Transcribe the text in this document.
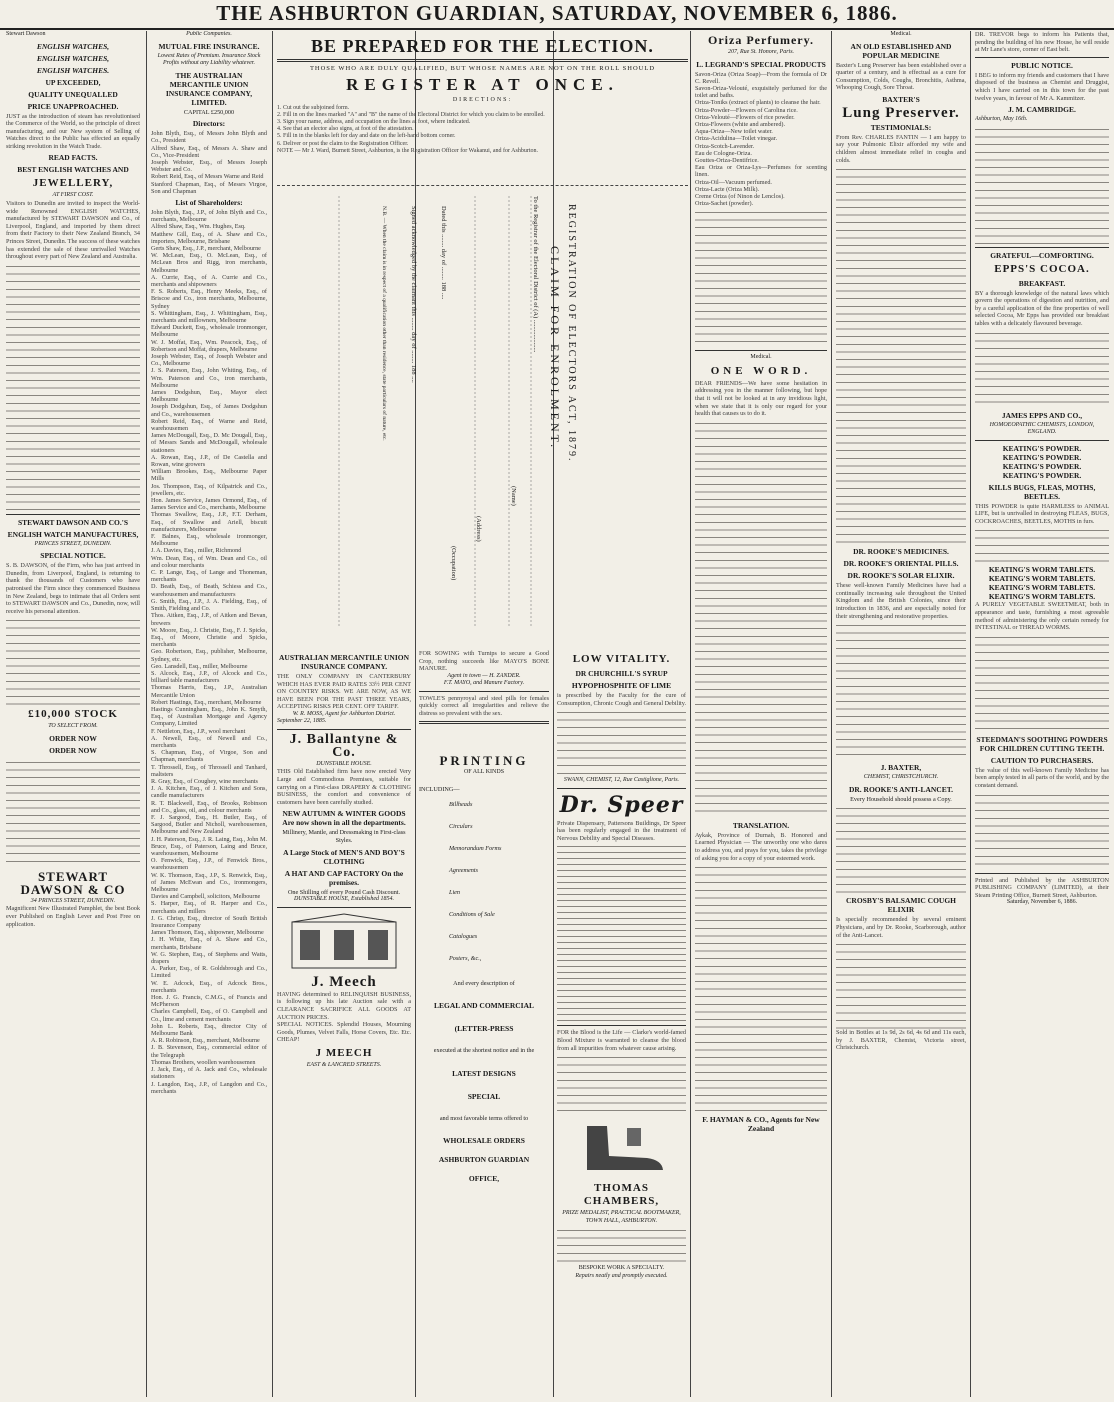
THE ASHBURTON GUARDIAN, SATURDAY, NOVEMBER 6, 1886.
Stewart Dawson
ENGLISH WATCHES,
ENGLISH WATCHES,
ENGLISH WATCHES.
UP EXCEEDED,
QUALITY UNEQUALLED
PRICE UNAPPROACHED.
JUST as the introduction of steam has revolutionised the Commerce of the World, so the principle of direct manufacturing, and our New system of Selling of Watches direct to the Public has effected an equally striking revolution in the Watch Trade.
READ FACTS.
BEST ENGLISH WATCHES AND
JEWELLERY,
AT FIRST COST.
Visitors to Dunedin are invited to inspect the World-wide Renowned ENGLISH WATCHES, manufactured by STEWART DAWSON and Co., of Liverpool, England, and imported by them direct from their Factory to their New Zealand Branch, 34 Princes Street, Dunedin. The success of these watches has extended the sale of these unrivalled Watches throughout every part of New Zealand and Australia.
STEWART DAWSON AND CO.'S
ENGLISH WATCH MANUFACTURES,
PRINCES STREET, DUNEDIN.
SPECIAL NOTICE.
S. B. DAWSON, of the Firm, who has just arrived in Dunedin, from Liverpool, England, is returning to thank the thousands of Customers who have patronised the Firm since they commenced Business in New Zealand, begs to intimate that all Orders sent to STEWART DAWSON and Co., Dunedin, now, will receive his personal attention.
£10,000 STOCK
TO SELECT FROM.
ORDER NOW
ORDER NOW
STEWART DAWSON & CO
34 PRINCES STREET, DUNEDIN.
Magnificent New Illustrated Pamphlet, the best Book ever Published on English Lever and Post Free on application.
Public Companies.
MUTUAL FIRE INSURANCE.
Lowest Rates of Premium. Insurance Stock Profits without any Liability whatever.
THE AUSTRALIAN MERCANTILE UNION INSURANCE COMPANY, LIMITED.
CAPITAL £250,000
Directors:
John Blyth, Esq., of Messrs John Blyth and Co., President
Alfred Shaw, Esq., of Messrs A. Shaw and Co., Vice-President
Joseph Webster, Esq., of Messrs Joseph Webster and Co.
Robert Reid, Esq., of Messrs Warne and Reid
Stanford Chapman, Esq., of Messrs Virgoe, Son and Chapman
List of Shareholders:
John Blyth, Esq., J.P., of John Blyth and Co., merchants, Melbourne
Alfred Shaw, Esq., Wm. Hughes, Esq.
Matthew Gill, Esq., of A. Shaw and Co., importers, Melbourne, Brisbane
Gerts Shaw, Esq., J.P., merchant, Melbourne
W. McLean, Esq., O. McLean, Esq., of McLean Bros and Rigg, iron merchants, Melbourne
A. Currie, Esq., of A. Currie and Co., merchants and shipowners
F. S. Roberts, Esq., Henry Meeks, Esq., of Briscoe and Co., iron merchants, Melbourne, Sydney
S. Whittingham, Esq., J. Whittingham, Esq., merchants and millowners, Melbourne
Edward Duckett, Esq., wholesale ironmonger, Melbourne
W. J. Moffat, Esq., Wm. Peacock, Esq., of Robertson and Moffat, drapers, Melbourne
Joseph Webster, Esq., of Joseph Webster and Co., Melbourne
J. S. Paterson, Esq., John Whiting, Esq., of Wm. Paterson and Co., iron merchants, Melbourne
James Dodgshun, Esq., Mayor elect Melbourne
Joseph Dodgshun, Esq., of James Dodgshun and Co., warehousemen
Robert Reid, Esq., of Warne and Reid, warehousemen
James McDougall, Esq., D. Mc Dougall, Esq., of Messrs Sands and McDougall, wholesale stationers
A. Rowan, Esq., J.P., of De Castella and Rowan, wine growers
William Brookes, Esq., Melbourne Paper Mills
Jos. Thompson, Esq., of Kilpatrick and Co., jewellers, etc.
Hon. James Service, James Ormond, Esq., of James Service and Co., merchants, Melbourne
Thomas Swallow, Esq., J.P., F.T. Derham, Esq., of Swallow and Ariell, biscuit manufacturers, Melbourne
F. Balnes, Esq., wholesale ironmonger, Melbourne
J. A. Davies, Esq., miller, Richmond
Wm. Dean, Esq., of Wm. Dean and Co., oil and colour merchants
C. P. Lange, Esq., of Lange and Thoneman, merchants
D. Beath, Esq., of Beath, Schiess and Co., warehousemen and manufacturers
G. Smith, Esq., J.P., J. A. Fielding, Esq., of Smith, Fielding and Co.
Thos. Aitken, Esq., J.P., of Aitken and Bevan, brewers
W. Moore, Esq., J. Christie, Esq., F. J. Spicks, Esq., of Moore, Christie and Spicks, merchants
Geo. Robertson, Esq., publisher, Melbourne, Sydney, etc.
Geo. Lansdell, Esq., miller, Melbourne
S. Alcock, Esq., J.P., of Alcock and Co., billiard table manufacturers
Thomas Harris, Esq., J.P., Australian Mercantile Union
Robert Hastings, Esq., merchant, Melbourne
Hastings Cunningham, Esq., John K. Smyth, Esq., of Australian Mortgage and Agency Company, Limited
F. Nettleton, Esq., J.P., wool merchant
A. Newell, Esq., of Newell and Co., merchants
S. Chapman, Esq., of Virgoe, Son and Chapman, merchants
T. Throssell, Esq., of Throssell and Tanhard, maltsters
R. Gray, Esq., of Coughey, wine merchants
J. A. Kitchen, Esq., of J. Kitchen and Sons, candle manufacturers
R. T. Blackwell, Esq., of Brooks, Robinson and Co., glass, oil, and colour merchants
F. J. Sargood, Esq., H. Butler, Esq., of Sargood, Butler and Nicholl, warehousemen, Melbourne and New Zealand
J. H. Paterson, Esq., J. R. Laing, Esq., John M. Bruce, Esq., of Paterson, Laing and Bruce, warehousemen, Melbourne
O. Fenwick, Esq., J.P., of Fenwick Bros., warehousemen
W. K. Thomson, Esq., J.P., S. Renwick, Esq., of James McEwan and Co., ironmongers, Melbourne
Davies and Campbell, solicitors, Melbourne
S. Harper, Esq., of R. Harper and Co., merchants and millers
J. G. Chrisp, Esq., director of South British Insurance Company
James Thomson, Esq., shipowner, Melbourne
J. H. White, Esq., of A. Shaw and Co., merchants, Brisbane
W. G. Stephen, Esq., of Stephens and Watts, drapers
A. Parker, Esq., of R. Goldsbrough and Co., Limited
W. E. Adcock, Esq., of Adcock Bros., merchants
Hon. J. G. Francis, C.M.G., of Francis and McPherson
Charles Campbell, Esq., of O. Campbell and Co., lime and cement merchants
John L. Roberts, Esq., director City of Melbourne Bank
A. R. Robinson, Esq., merchant, Melbourne
J. B. Stevenson, Esq., commercial editor of the Telegraph
Thomas Brothers, woollen warehousemen
J. Jack, Esq., of A. Jack and Co., wholesale stationers
J. Langdon, Esq., J.P., of Langdon and Co., merchants
BE PREPARED FOR THE ELECTION.
THOSE WHO ARE DULY QUALIFIED, BUT WHOSE NAMES ARE NOT ON THE ROLL SHOULD
REGISTER AT ONCE.
DIRECTIONS:
1. Cut out the subjoined form.
2. Fill in on the lines marked "A" and "B" the name of the Electoral District for which you claim to be enrolled.
3. Sign your name, address, and occupation on the lines at foot, where indicated.
4. See that an elector also signs, at foot of the attestation.
5. Fill in in the blanks left for day and date on the left-hand bottom corner.
6. Deliver or post the claim to the Registration Officer.
NOTE — Mr J. Ward, Burnett Street, Ashburton, is the Registration Officer for Wakanui, and for Ashburton.
REGISTRATION OF ELECTORS ACT, 1879.
CLAIM FOR ENROLMENT.
To the Registrar of the Electoral District of (A) ....................
Dated this ........ day of ........ 188 ....
Signed acknowledged by the claimant this ........ day of ........ 188 ....
N.B. — When the claim is in respect of a qualification other than residence, state particulars of nature, etc.
(Name)
(Address)
(Occupation)
AUSTRALIAN MERCANTILE UNION INSURANCE COMPANY.
THE ONLY COMPANY IN CANTERBURY WHICH HAS EVER PAID RATES 33½ PER CENT ON COUNTRY RISKS. WE ARE NOW, AS WE HAVE BEEN FOR THE PAST THREE YEARS, ACCEPTING RISKS PER CENT. OFF TARIFF.
W. R. MOSS, Agent for Ashburton District.
September 22, 1885.
J. Ballantyne & Co.
DUNSTABLE HOUSE.
THIS Old Established firm have now erected Very Large and Commodious Premises, suitable for carrying on a First-class DRAPERY & CLOTHING BUSINESS, the comfort and convenience of customers have been carefully studied.
NEW AUTUMN & WINTER GOODS Are now shown in all the departments.
Millinery, Mantle, and Dressmaking in First-class Styles.
A Large Stock of MEN'S AND BOY'S CLOTHING
A HAT AND CAP FACTORY On the premises.
One Shilling off every Pound Cash Discount.
DUNSTABLE HOUSE, Established 1854.
J. Meech
HAVING determined to RELINQUISH BUSINESS, is following up his late Auction sale with a CLEARANCE SACRIFICE ALL GOODS AT AUCTION PRICES.
SPECIAL NOTICES. Splendid Houses, Mourning Goods, Plumes, Velvet Falls, Horse Covers, Etc. Etc. CHEAP!
J MEECH
EAST & LANCRED STREETS.
FOR SOWING with Turnips to secure a Good Crop, nothing succeeds like MAYO'S BONE MANURE.
Agent in town — H. ZANDER.
F.T. MAYO, and Manure Factory.
TOWLE'S pennyroyal and steel pills for females quickly correct all irregularities and relieve the distress so prevalent with the sex.
PRINTING
OF ALL KINDS
INCLUDING—
Billheads
Circulars
Memorandum Forms
Agreements
Lien
Conditions of Sale
Catalogues
Posters, &c.,
And every description of
LEGAL AND COMMERCIAL
(LETTER-PRESS
executed at the shortest notice and in the
LATEST DESIGNS
SPECIAL
and most favorable terms offered to
WHOLESALE ORDERS
ASHBURTON GUARDIAN
OFFICE,
LOW VITALITY.
DR CHURCHILL'S SYRUP
HYPOPHOSPHITE OF LIME
is prescribed by the Faculty for the cure of Consumption, Chronic Cough and General Debility.
SWANN, CHEMIST, 12, Rue Castiglione, Paris.
Dr. Speer
Private Dispensary, Pattersons Buildings, Dr Speer has been regularly engaged in the treatment of Nervous Debility and Special Diseases.
FOR the Blood is the Life — Clarke's world-famed Blood Mixture is warranted to cleanse the blood from all impurities from whatever cause arising.
THOMAS CHAMBERS,
PRIZE MEDALIST, PRACTICAL BOOTMAKER, TOWN HALL, ASHBURTON.
BESPOKE WORK A SPECIALTY.
Repairs neatly and promptly executed.
Oriza Perfumery.
207, Rue St. Honore, Paris.
L. LEGRAND'S SPECIAL PRODUCTS
Savon-Oriza (Oriza Soap)—From the formula of Dr C. Revell.
Savon-Oriza-Velouté, exquisitely perfumed for the toilet and baths.
Oriza-Toniks (extract of plants) to cleanse the hair.
Oriza-Powder—Flowers of Carolina rice.
Oriza-Velouté—Flowers of rice powder.
Oriza-Flowers (white and ambered).
Aqua-Oriza—New toilet water.
Oriza-Acidulina—Toilet vinegar.
Oriza-Scotch-Lavender.
Eau de Cologne-Oriza.
Gouttes-Oriza-Dentifrice.
Eau Oriza or Oriza-Lys—Perfumes for scenting linen.
Oriza-Oil—Vacuum perfumed.
Oriza-Lacte (Oriza Milk).
Creme Oriza (of Ninon de Lenclos).
Oriza-Sachet (powder).
Medical.
ONE WORD.
DEAR FRIENDS—We have some hesitation in addressing you in the manner following, but hope that it will not be looked at in any invidious light, when we state that it is only our regard for your health that causes us to do it.
TRANSLATION.
Aykak, Province of Durnah, B. Honored and Learned Physician — The unworthy one who dares to address you, and prays for you, takes the privilege of asking you for a copy of your esteemed work.
F. HAYMAN & CO., Agents for New Zealand
Medical.
AN OLD ESTABLISHED AND POPULAR MEDICINE
Baxter's Lung Preserver has been established over a quarter of a century, and is effectual as a cure for Consumption, Colds, Coughs, Bronchitis, Asthma, Whooping Cough, Sore Throat.
BAXTER'S
Lung Preserver.
TESTIMONIALS:
From Rev. CHARLES FANTIN — I am happy to say your Pulmonic Elixir afforded my wife and children almost immediate relief in coughs and colds.
DR. ROOKE'S MEDICINES.
DR. ROOKE'S ORIENTAL PILLS.
DR. ROOKE'S SOLAR ELIXIR.
These well-known Family Medicines have had a continually increasing sale throughout the United Kingdom and the British Colonies, since their introduction in 1836, and are especially noted for their strengthening and restorative properties.
J. BAXTER,
CHEMIST, CHRISTCHURCH.
DR. ROOKE'S ANTI-LANCET.
Every Household should possess a Copy.
CROSBY'S BALSAMIC COUGH ELIXIR
Is specially recommended by several eminent Physicians, and by Dr. Rooke, Scarborough, author of the Anti-Lancet.
Sold in Bottles at 1s 9d, 2s 6d, 4s 6d and 11s each, by J. BAXTER, Chemist, Victoria street, Christchurch.
DR. TREVOR begs to inform his Patients that, pending the building of his new House, he will reside at Mr Lane's store, corner of East belt.
PUBLIC NOTICE.
I BEG to inform my friends and customers that I have disposed of the business as Chemist and Druggist, which I have carried on in this town for the past twelve years, in favour of Mr A. Kammitzer.
J. M. CAMBRIDGE.
Ashburton, May 16th.
GRATEFUL—COMFORTING.
EPPS'S COCOA.
BREAKFAST.
BY a thorough knowledge of the natural laws which govern the operations of digestion and nutrition, and by a careful application of the fine properties of well selected Cocoa, Mr Epps has provided our breakfast tables with a delicately flavoured beverage.
JAMES EPPS AND CO.,
HOMOEOPATHIC CHEMISTS, LONDON, ENGLAND.
KEATING'S POWDER.
KEATING'S POWDER.
KEATING'S POWDER.
KEATING'S POWDER.
KILLS BUGS, FLEAS, MOTHS, BEETLES.
THIS POWDER is quite HARMLESS to ANIMAL LIFE, but is unrivalled in destroying FLEAS, BUGS, COCKROACHES, BEETLES, MOTHS in furs.
KEATING'S WORM TABLETS.
KEATING'S WORM TABLETS.
KEATING'S WORM TABLETS.
KEATING'S WORM TABLETS.
A PURELY VEGETABLE SWEETMEAT, both in appearance and taste, furnishing a most agreeable method of administering the only certain remedy for INTESTINAL or THREAD WORMS.
STEEDMAN'S SOOTHING POWDERS FOR CHILDREN CUTTING TEETH.
CAUTION TO PURCHASERS.
The value of this well-known Family Medicine has been amply tested in all parts of the world, and by the constant demand.
Printed and Published by the ASHBURTON PUBLISHING COMPANY (LIMITED), at their Steam Printing Office, Burnett Street, Ashburton.
Saturday, November 6, 1886.
